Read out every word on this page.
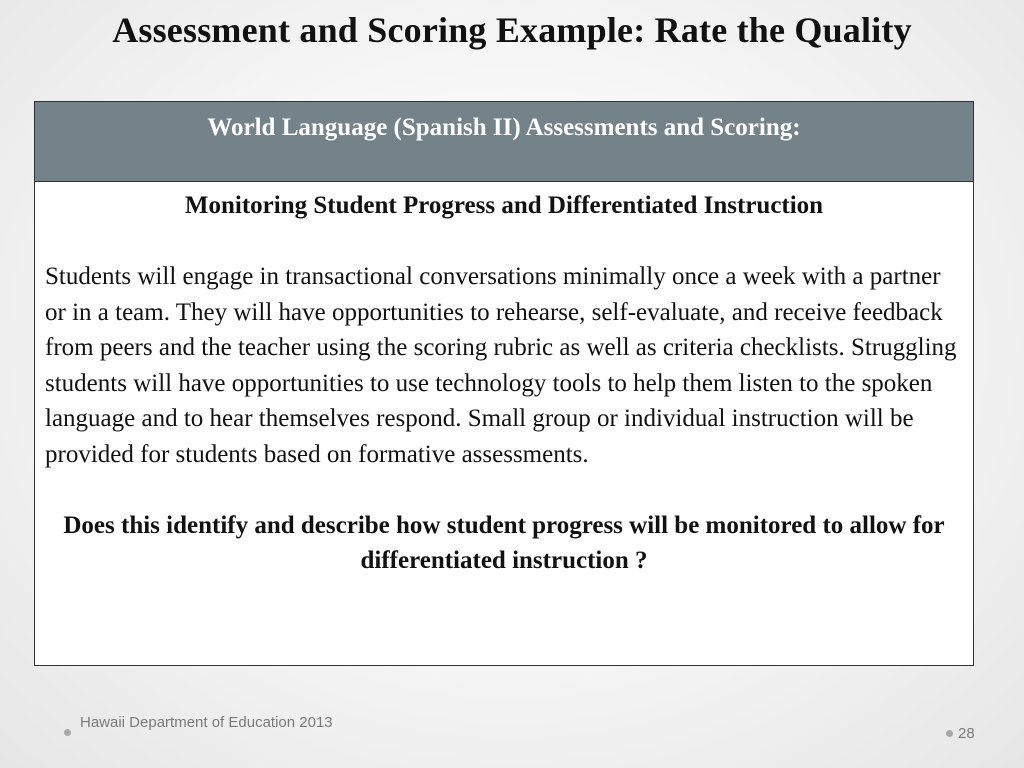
Assessment and Scoring Example: Rate the Quality
World Language (Spanish II) Assessments and Scoring:

Monitoring Student Progress and Differentiated Instruction

Students will engage in transactional conversations minimally once a week with a partner or in a team. They will have opportunities to rehearse, self-evaluate, and receive feedback from peers and the teacher using the scoring rubric as well as criteria checklists. Struggling students will have opportunities to use technology tools to help them listen to the spoken language and to hear themselves respond. Small group or individual instruction will be provided for students based on formative assessments.

Does this identify and describe how student progress will be monitored to allow for differentiated instruction ?

Hawaii Department of Education 2013
28
